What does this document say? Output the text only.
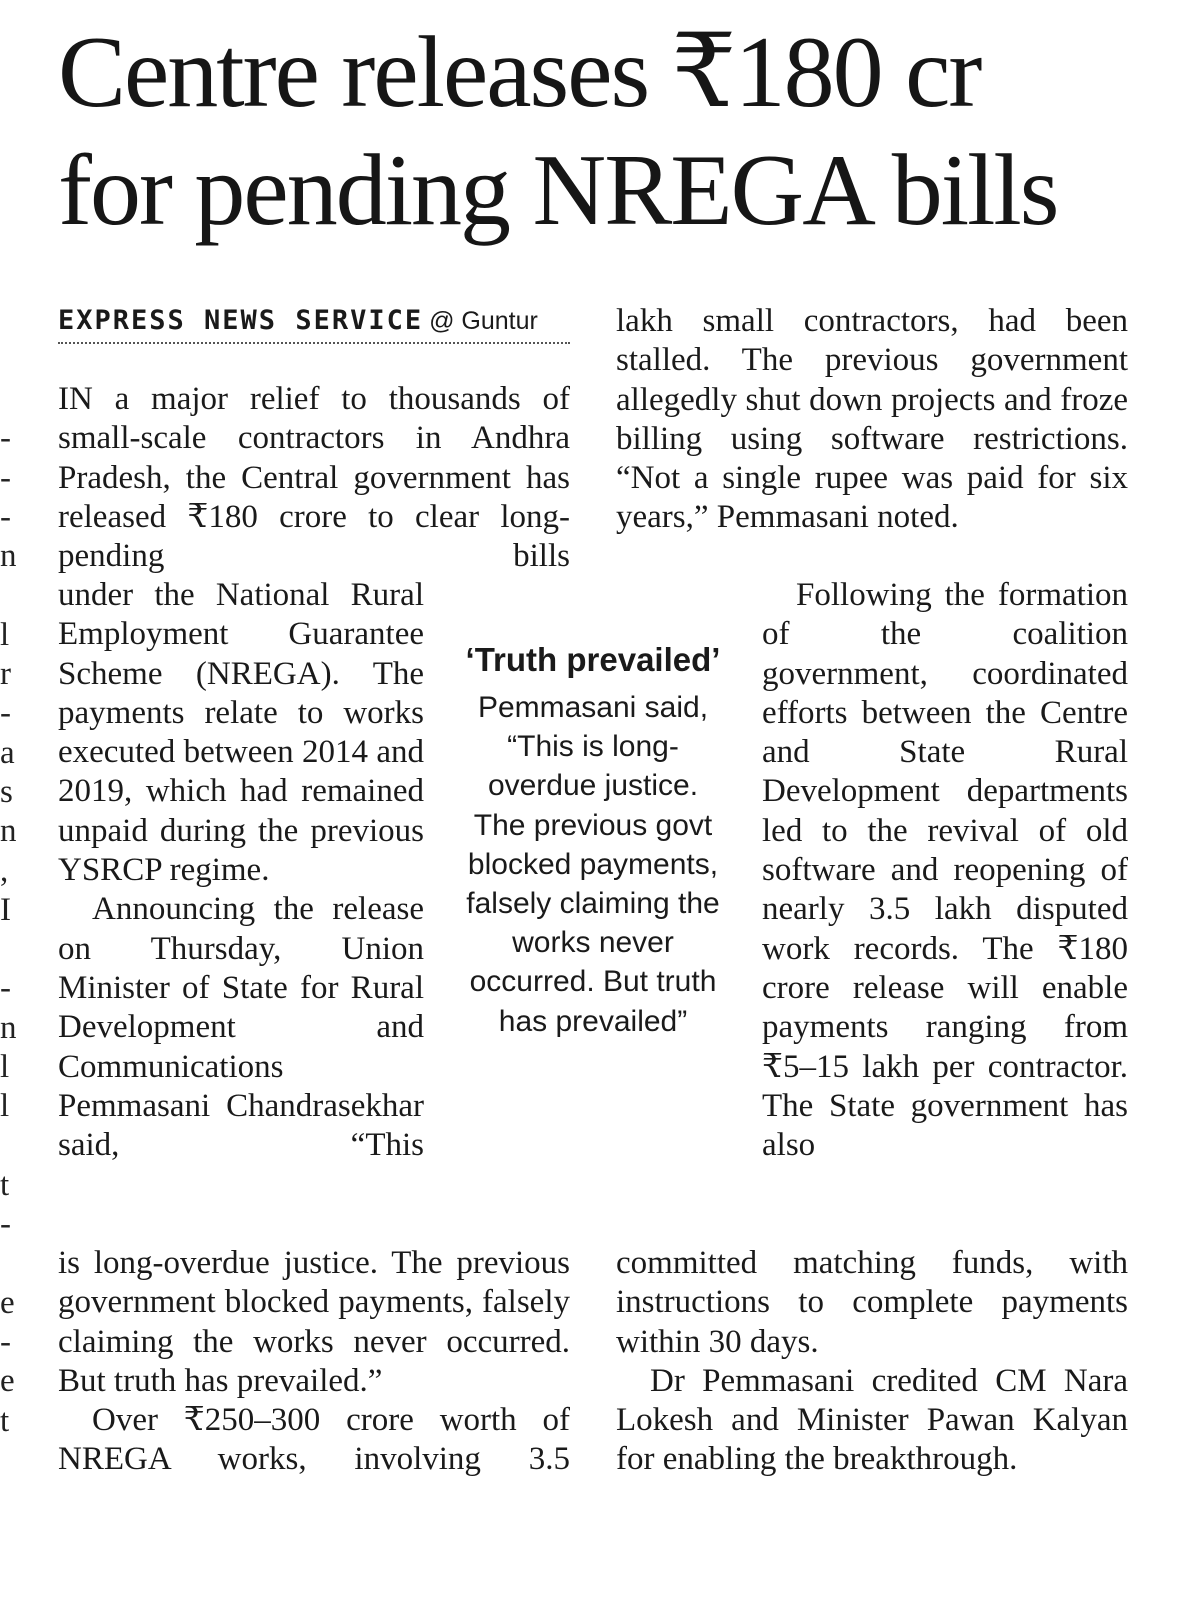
Centre releases ₹180 cr
for pending NREGA bills
EXPRESS NEWS SERVICE @ Guntur

IN a major relief to thousands of small-scale contractors in Andhra Pradesh, the Central government has released ₹180 crore to clear long-pending bills

under the National Rural Employment Guarantee Scheme (NREGA). The payments relate to works executed between 2014 and 2019, which had remained unpaid during the previous YSRCP regime.

Announcing the release on Thursday, Union Minister of State for Rural Development and Communications Pemmasani Chandrasekhar said, “This

is long-overdue justice. The previous government blocked payments, falsely claiming the works never occurred. But truth has prevailed.”

Over ₹250–300 crore worth of NREGA works, involving 3.5

‘Truth prevailed’

Pemmasani said, “This is long-overdue justice. The previous govt blocked payments, falsely claiming the works never occurred. But truth has prevailed”

lakh small contractors, had been stalled. The previous government allegedly shut down projects and froze billing using software restrictions. “Not a single rupee was paid for six years,” Pemmasani noted.

Following the formation of the coalition government, coordinated efforts between the Centre and State Rural Development departments led to the revival of old software and reopening of nearly 3.5 lakh disputed work records. The ₹180 crore release will enable payments ranging from ₹5–15 lakh per contractor. The State government has also

committed matching funds, with instructions to complete payments within 30 days.

Dr Pemmasani credited CM Nara Lokesh and Minister Pawan Kalyan for enabling the breakthrough.

-
-
-
n
l
r
-
a
s
n
,
I
-
n
l
l
t
-
e
-
e
t
